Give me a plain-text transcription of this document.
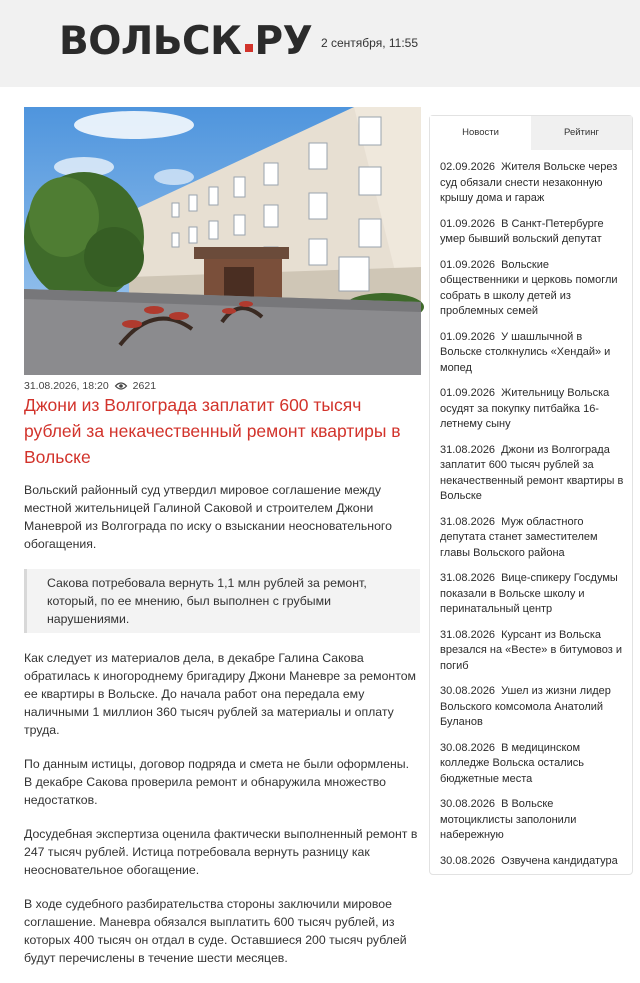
ВОЛЬСК РУ 2 сентября, 11:55
31.08.2026, 18:20 2621
Джони из Волгограда заплатит 600 тысяч рублей за некачественный ремонт квартиры в Вольске

Вольский районный суд утвердил мировое соглашение между местной жительницей Галиной Саковой и строителем Джони Маневрой из Волгограда по иску о взыскании неосновательного обогащения.

Сакова потребовала вернуть 1,1 млн рублей за ремонт, который, по ее мнению, был выполнен с грубыми нарушениями.

Как следует из материалов дела, в декабре Галина Сакова обратилась к иногороднему бригадиру Джони Маневре за ремонтом ее квартиры в Вольске. До начала работ она передала ему наличными 1 миллион 360 тысяч рублей за материалы и оплату труда.

По данным истицы, договор подряда и смета не были оформлены. В декабре Сакова проверила ремонт и обнаружила множество недостатков.

Досудебная экспертиза оценила фактически выполненный ремонт в 247 тысяч рублей. Истица потребовала вернуть разницу как неосновательное обогащение.

В ходе судебного разбирательства стороны заключили мировое соглашение. Маневра обязался выплатить 600 тысяч рублей, из которых 400 тысяч он отдал в суде. Оставшиеся 200 тысяч рублей будут перечислены в течение шести месяцев.

Новости	Рейтинг
02.09.2026 Жителя Вольске через суд обязали снести незаконную крышу дома и гараж
01.09.2026 В Санкт-Петербурге умер бывший вольский депутат
01.09.2026 Вольские общественники и церковь помогли собрать в школу детей из проблемных семей
01.09.2026 У шашлычной в Вольске столкнулись «Хендай» и мопед
01.09.2026 Жительницу Вольска осудят за покупку питбайка 16-летнему сыну
31.08.2026 Джони из Волгограда заплатит 600 тысяч рублей за некачественный ремонт квартиры в Вольске
31.08.2026 Муж областного депутата станет заместителем главы Вольского района
31.08.2026 Вице-спикеру Госдумы показали в Вольске школу и перинатальный центр
31.08.2026 Курсант из Вольска врезался на «Весте» в битумовоз и погиб
30.08.2026 Ушел из жизни лидер Вольского комсомола Анатолий Буланов
30.08.2026 В медицинском колледже Вольска остались бюджетные места
30.08.2026 В Вольске мотоциклисты заполонили набережную
30.08.2026 Озвучена кандидатура
